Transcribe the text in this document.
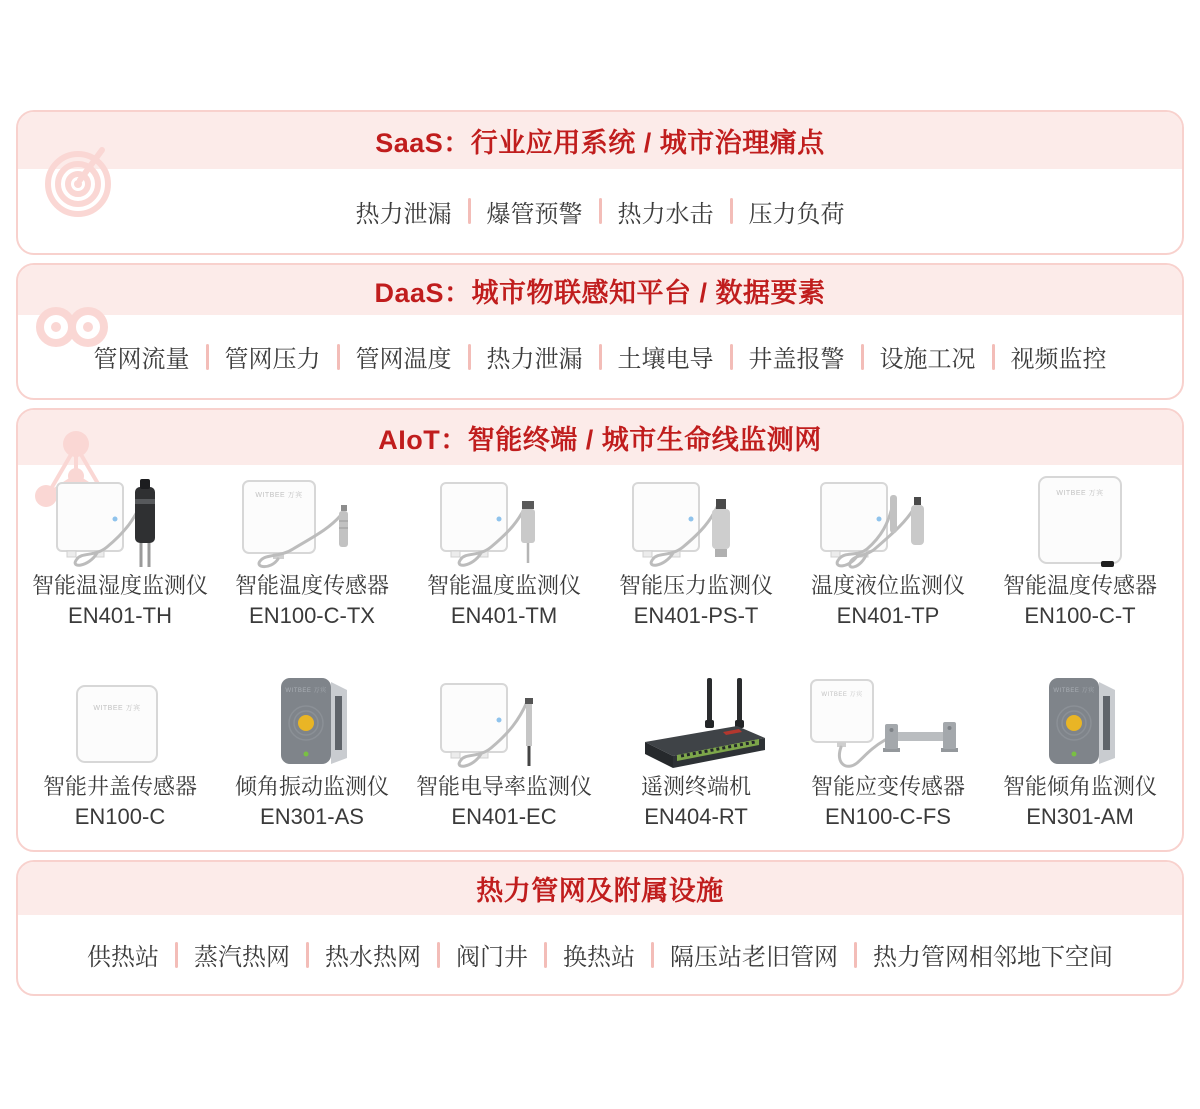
SaaS：行业应用系统 / 城市治理痛点
热力泄漏	爆管预警	热力水击	压力负荷
DaaS：城市物联感知平台 / 数据要素
管网流量	管网压力	管网温度	热力泄漏	土壤电导	井盖报警	设施工况	视频监控
AIoT：智能终端 / 城市生命线监测网
智能温湿度监测仪
EN401-TH
WITBEE 万宾
智能温度传感器
EN100-C-TX
智能温度监测仪
EN401-TM
智能压力监测仪
EN401-PS-T
温度液位监测仪
EN401-TP
WITBEE 万宾
智能温度传感器
EN100-C-T
WITBEE 万宾
智能井盖传感器
EN100-C
WITBEE 万宾
倾角振动监测仪
EN301-AS
智能电导率监测仪
EN401-EC
遥测终端机
EN404-RT
WITBEE 万宾
智能应变传感器
EN100-C-FS
WITBEE 万宾
智能倾角监测仪
EN301-AM
热力管网及附属设施
供热站	蒸汽热网	热水热网	阀门井	换热站	隔压站老旧管网	热力管网相邻地下空间
